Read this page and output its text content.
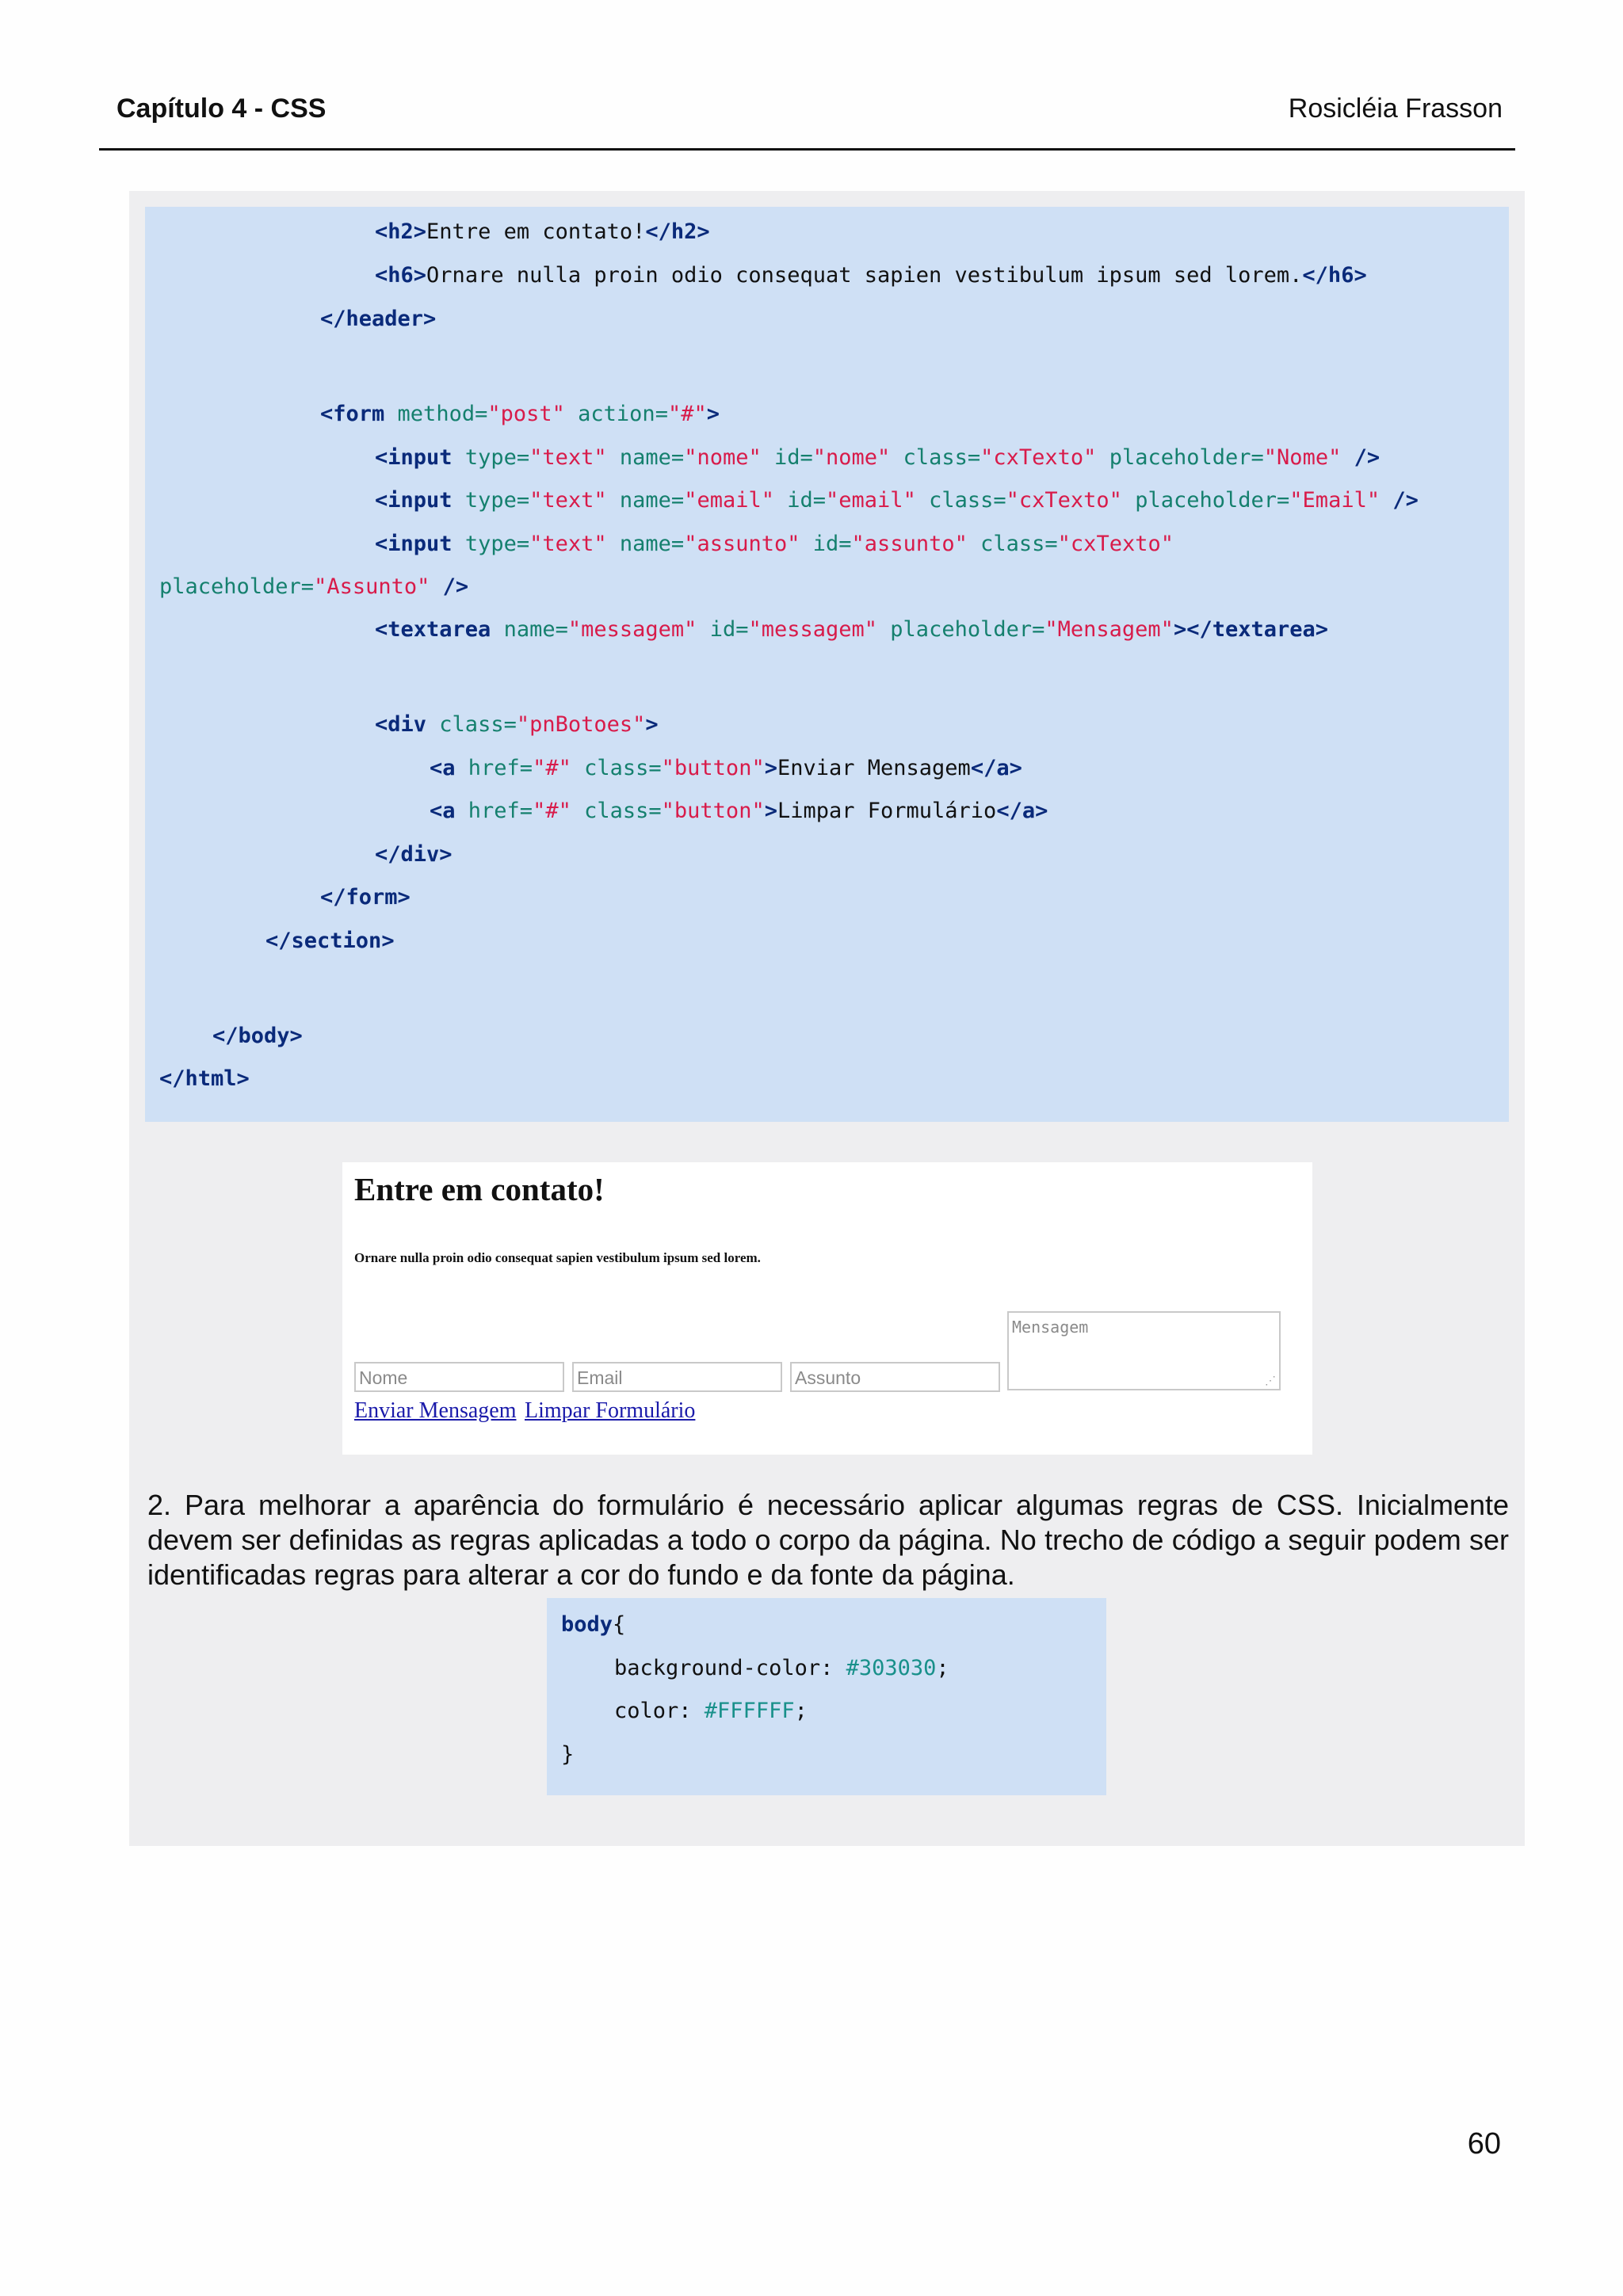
Capítulo 4 - CSS	Rosicléia Frasson

<h2>Entre em contato!</h2>

<h6>Ornare nulla proin odio consequat sapien vestibulum ipsum sed lorem.</h6>

</header>

<form method="post" action="#">

<input type="text" name="nome" id="nome" class="cxTexto" placeholder="Nome" />

<input type="text" name="email" id="email" class="cxTexto" placeholder="Email" />

<input type="text" name="assunto" id="assunto" class="cxTexto"

placeholder="Assunto" />

<textarea name="messagem" id="messagem" placeholder="Mensagem"></textarea>

<div class="pnBotoes">

<a href="#" class="button">Enviar Mensagem</a>

<a href="#" class="button">Limpar Formulário</a>

</div>

</form>

</section>

</body>

</html>

Entre em contato!
Ornare nulla proin odio consequat sapien vestibulum ipsum sed lorem.
Nome	Email	Assunto
Mensagem
⋰
Enviar Mensagem Limpar Formulário
2. Para melhorar a aparência do formulário é necessário aplicar algumas regras de CSS. Inicialmente devem ser definidas as regras aplicadas a todo o corpo da página. No trecho de código a seguir podem ser identificadas regras para alterar a cor do fundo e da fonte da página.

body{

background-color: #303030;

color: #FFFFFF;

}

60
